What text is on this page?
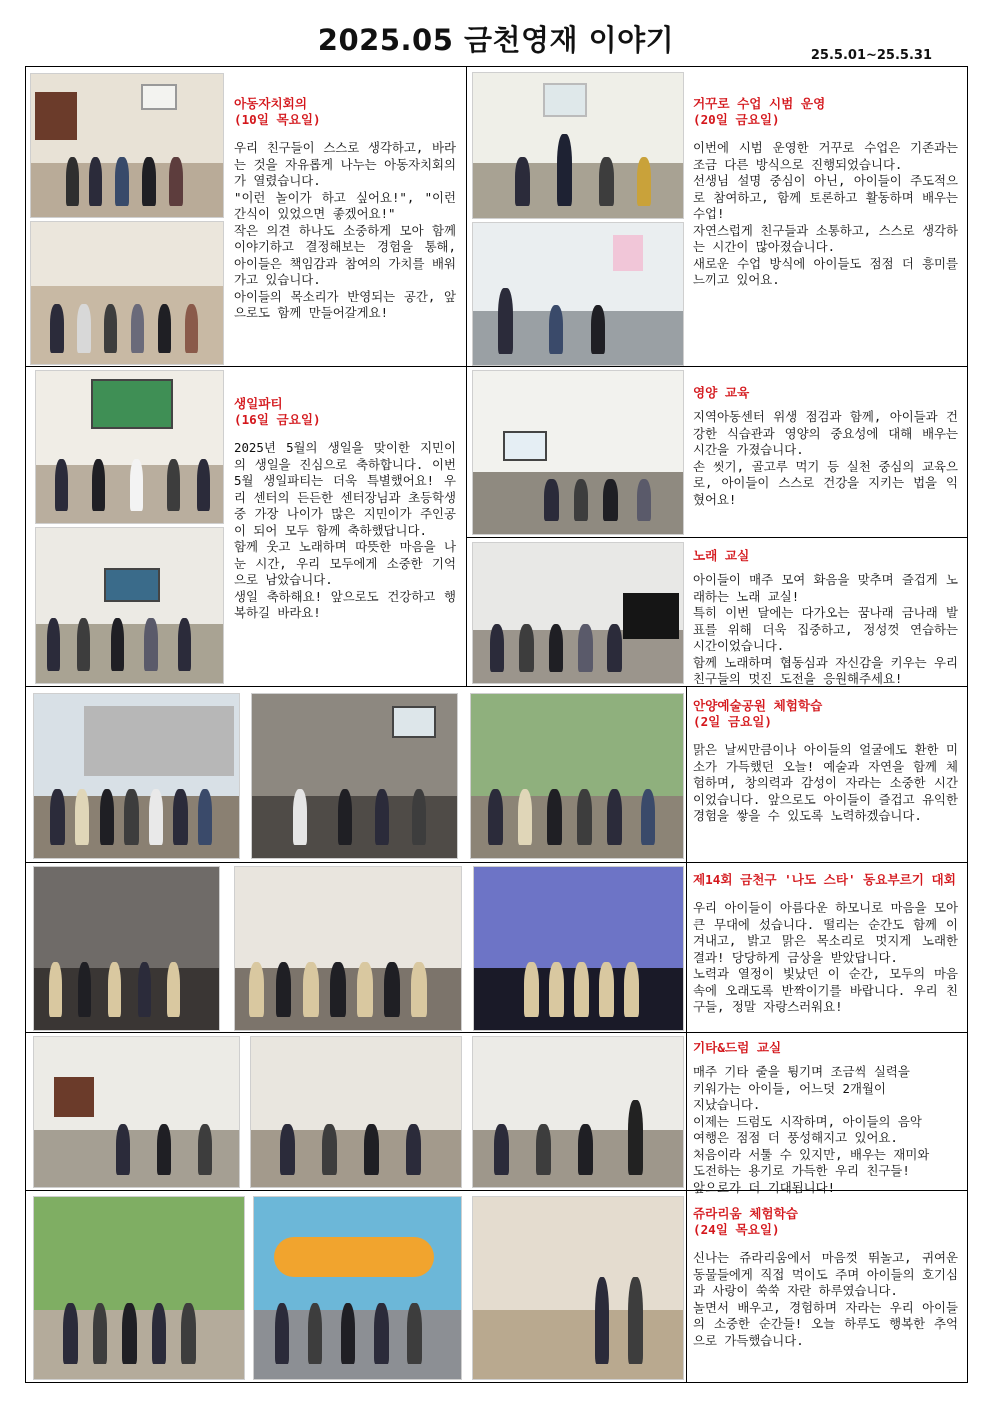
2025.05 금천영재 이야기	25.5.01~25.5.31
아동자치회의
(10일 목요일)
우리 친구들이 스스로 생각하고, 바라는 것을 자유롭게 나누는 아동자치회의가 열렸습니다.
"이런 놀이가 하고 싶어요!", "이런 간식이 있었으면 좋겠어요!"
작은 의견 하나도 소중하게 모아 함께 이야기하고 결정해보는 경험을 통해, 아이들은 책임감과 참여의 가치를 배워가고 있습니다.
아이들의 목소리가 반영되는 공간, 앞으로도 함께 만들어갈게요!
거꾸로 수업 시범 운영
(20일 금요일)
이번에 시범 운영한 거꾸로 수업은 기존과는 조금 다른 방식으로 진행되었습니다.
선생님 설명 중심이 아닌, 아이들이 주도적으로 참여하고, 함께 토론하고 활동하며 배우는 수업!
자연스럽게 친구들과 소통하고, 스스로 생각하는 시간이 많아졌습니다.
새로운 수업 방식에 아이들도 점점 더 흥미를 느끼고 있어요.
생일파티
(16일 금요일)
2025년 5월의 생일을 맞이한 지민이의 생일을 진심으로 축하합니다. 이번 5월 생일파티는 더욱 특별했어요! 우리 센터의 든든한 센터장님과 초등학생 중 가장 나이가 많은 지민이가 주인공이 되어 모두 함께 축하했답니다.
함께 웃고 노래하며 따뜻한 마음을 나눈 시간, 우리 모두에게 소중한 기억으로 남았습니다.
생일 축하해요! 앞으로도 건강하고 행복하길 바라요!
영양 교육
지역아동센터 위생 점검과 함께, 아이들과 건강한 식습관과 영양의 중요성에 대해 배우는 시간을 가졌습니다.
손 씻기, 골고루 먹기 등 실천 중심의 교육으로, 아이들이 스스로 건강을 지키는 법을 익혔어요!
노래 교실
아이들이 매주 모여 화음을 맞추며 즐겁게 노래하는 노래 교실!
특히 이번 달에는 다가오는 꿈나래 금나래 발표를 위해 더욱 집중하고, 정성껏 연습하는 시간이었습니다.
함께 노래하며 협동심과 자신감을 키우는 우리 친구들의 멋진 도전을 응원해주세요!
안양예술공원 체험학습
(2일 금요일)
맑은 날씨만큼이나 아이들의 얼굴에도 환한 미소가 가득했던 오늘! 예술과 자연을 함께 체험하며, 창의력과 감성이 자라는 소중한 시간이었습니다. 앞으로도 아이들이 즐겁고 유익한 경험을 쌓을 수 있도록 노력하겠습니다.
제14회 금천구 '나도 스타' 동요부르기 대회
우리 아이들이 아름다운 하모니로 마음을 모아 큰 무대에 섰습니다. 떨리는 순간도 함께 이겨내고, 밝고 맑은 목소리로 멋지게 노래한 결과! 당당하게 금상을 받았답니다.
노력과 열정이 빛났던 이 순간, 모두의 마음 속에 오래도록 반짝이기를 바랍니다. 우리 친구들, 정말 자랑스러워요!
기타&드럼 교실
매주 기타 줄을 튕기며 조금씩 실력을
키워가는 아이들, 어느덧 2개월이
지났습니다.
이제는 드럼도 시작하며, 아이들의 음악
여행은 점점 더 풍성해지고 있어요.
처음이라 서툴 수 있지만, 배우는 재미와
도전하는 용기로 가득한 우리 친구들!
앞으로가 더 기대됩니다!
쥬라리움 체험학습
(24일 목요일)
신나는 쥬라리움에서 마음껏 뛰놀고, 귀여운 동물들에게 직접 먹이도 주며 아이들의 호기심과 사랑이 쑥쑥 자란 하루였습니다.
놀면서 배우고, 경험하며 자라는 우리 아이들의 소중한 순간들! 오늘 하루도 행복한 추억으로 가득했습니다.
